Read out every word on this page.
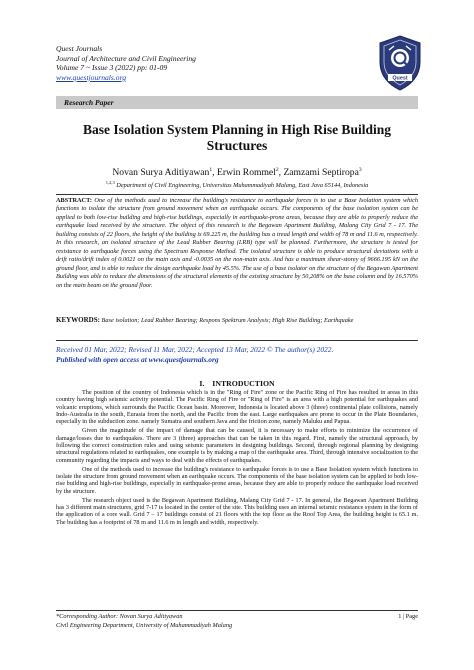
Quest Journals
Journal of Architecture and Civil Engineering
Volume 7 ~ Issue 3 (2022) pp: 01-09
www.questjournals.org	Quest
Research Paper
Base Isolation System Planning in High Rise Building
Structures
Novan Surya Aditiyawan$^1$, Erwin Rommel$^2$, Zamzami Septiropa$^3$
$^{1,2,3}$ Department of Civil Engineering, Universitas Muhammadiyah Malang, East Java 65144, Indonesia
ABSTRACT: One of the methods used to increase the building's resistance to earthquake forces is to use a Base Isolation system which functions to isolate the structure from ground movement when an earthquake occurs. The components of the base isolation system can be applied to both low-rise building and high-rise buildings, especially in earthquake-prone areas, because they are able to properly reduce the earthquake load received by the structure. The object of this research is the Begawan Apartment Building, Malang City Grid 7 - 17. The building consists of 22 floors, the height of the building is 69.225 m, the building has a tread length and width of 78 m and 11.6 m, respectively. In this research, an isolated structure of the Lead Rubber Bearing (LRB) type will be planned. Furthermore, the structure is tested for resistance to earthquake forces using the Spectrum Response Method. The isolated structure is able to produce structural deviations with a drift ratio/drift index of 0.0021 on the main axis and -0.0035 on the non-main axis. And has a maximum shear-storey of 9666.195 kN on the ground floor, and is able to reduce the design earthquake load by 45.5%. The use of a base isolator on the structure of the Begawan Apartment Building was able to reduce the dimensions of the structural elements of the existing structure by 50,208% on the base column and by 16.570% on the main beam on the ground floor.
KEYWORDS: Base isolation; Lead Rubber Bearing; Respons Spektrum Analysis; High Rise Building; Earthquake
Received 01 Mar, 2022; Revised 11 Mar, 2022; Accepted 13 Mar, 2022 © The author(s) 2022.
Published with open access at www.questjournals.org
I. INTRODUCTION

The position of the country of Indonesia which is in the "Ring of Fire" zone or the Pacific Ring of Fire has resulted in areas in this country having high seismic activity potential. The Pacific Ring of Fire or "Ring of Fire" is an area with a high potential for earthquakes and volcanic eruptions, which surrounds the Pacific Ocean basin. Moreover, Indonesia is located above 3 (three) continental plate collisions, namely Indo-Australia in the south, Eurasia from the north, and the Pacific from the east. Large earthquakes are prone to occur in the Plate Boundaries, especially in the subduction zone. namely Sumatra and southern Java and the friction zone, namely Maluku and Papua.

Given the magnitude of the impact of damage that can be caused, it is necessary to make efforts to minimize the occurrence of damage/losses due to earthquakes. There are 3 (three) approaches that can be taken in this regard. First, namely the structural approach, by following the correct construction rules and using seismic parameters in designing buildings. Second, through regional planning by designing structural regulations related to earthquakes, one example is by making a map of the earthquake area. Third, through intensive socialization to the community regarding the impacts and ways to deal with the effects of earthquakes.

One of the methods used to increase the building's resistance to earthquake forces is to use a Base Isolation system which functions to isolate the structure from ground movement when an earthquake occurs. The components of the base isolation system can be applied to both low-rise building and high-rise buildings, especially in earthquake-prone areas, because they are able to properly reduce the earthquake load received by the structure.

The research object used is the Begawan Apartment Building, Malang City Grid 7 - 17. In general, the Begawan Apartment Building has 3 different main structures, grid 7-17 is located in the center of the site. This building uses an internal seismic resistance system in the form of the application of a core wall. Grid 7 – 17 buildings consist of 21 floors with the top floor as the Roof Top Area, the building height is 65.1 m. The building has a footprint of 78 m and 11.6 m in length and width, respectively.

*Corresponding Author: Novan Surya Aditiyawan
Civil Engineering Department, University of Muhammadiyah Malang
1 | Page
